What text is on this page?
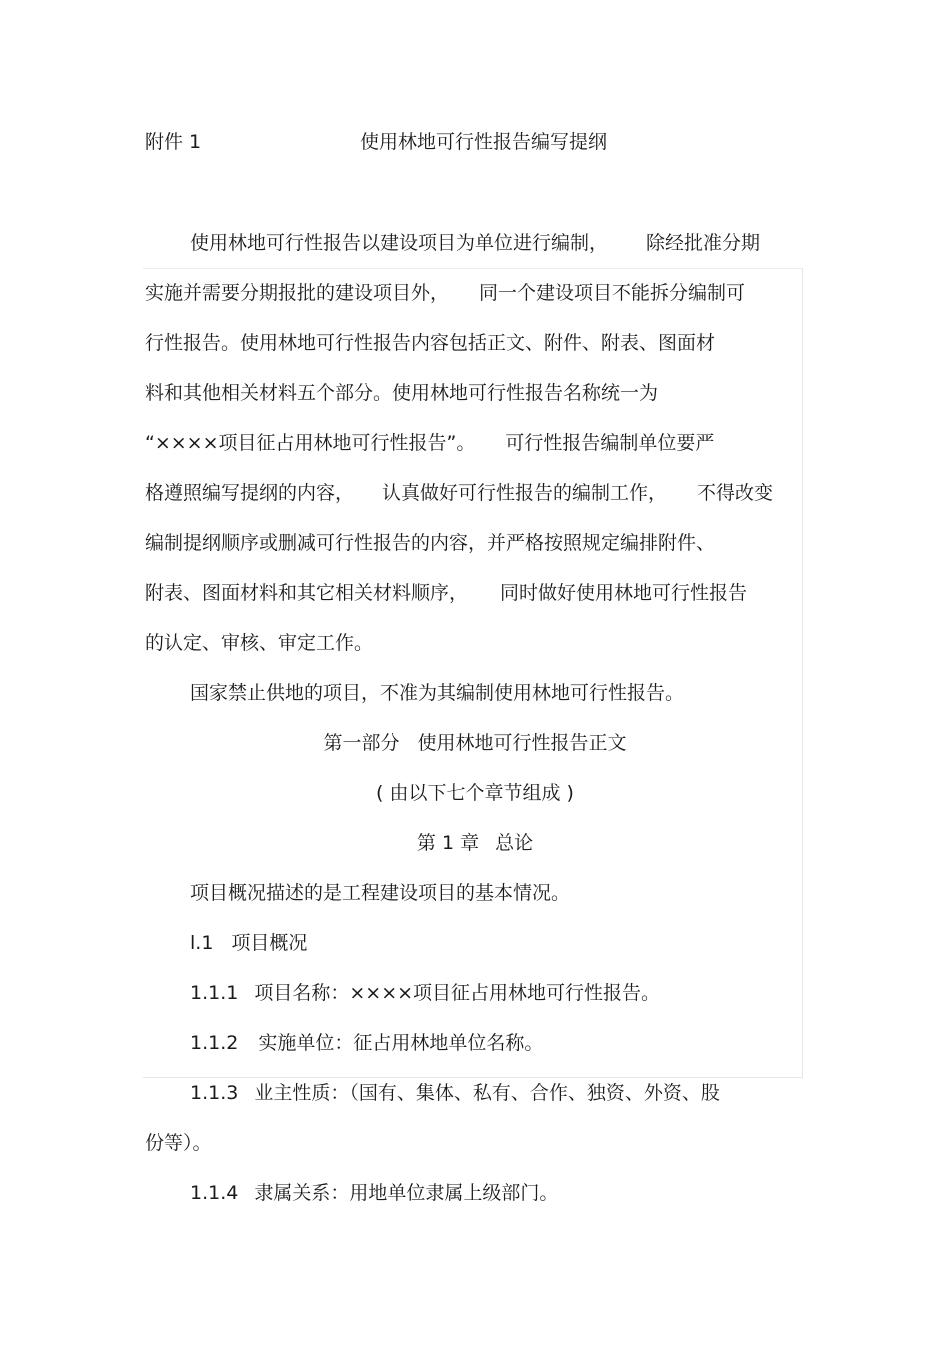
附件 1	使用林地可行性报告编写提纲
使用林地可行性报告以建设项目为单位进行编制， 除经批准分期
实施并需要分期报批的建设项目外， 同一个建设项目不能拆分编制可
行性报告。使用林地可行性报告内容包括正文、附件、附表、图面材
料和其他相关材料五个部分。使用林地可行性报告名称统一为
“××××项目征占用林地可行性报告”。 可行性报告编制单位要严
格遵照编写提纲的内容， 认真做好可行性报告的编制工作， 不得改变
编制提纲顺序或删减可行性报告的内容，并严格按照规定编排附件、
附表、图面材料和其它相关材料顺序， 同时做好使用林地可行性报告
的认定、审核、审定工作。
国家禁止供地的项目，不准为其编制使用林地可行性报告。
第一部分 使用林地可行性报告正文
( 由以下七个章节组成 )
第 1 章 总论
项目概况描述的是工程建设项目的基本情况。
l.1 项目概况
1.1.1 项目名称：××××项目征占用林地可行性报告。
1.1.2 实施单位：征占用林地单位名称。
1.1.3 业主性质：（国有、集体、私有、合作、独资、外资、股
份等）。
1.1.4 隶属关系：用地单位隶属上级部门。
